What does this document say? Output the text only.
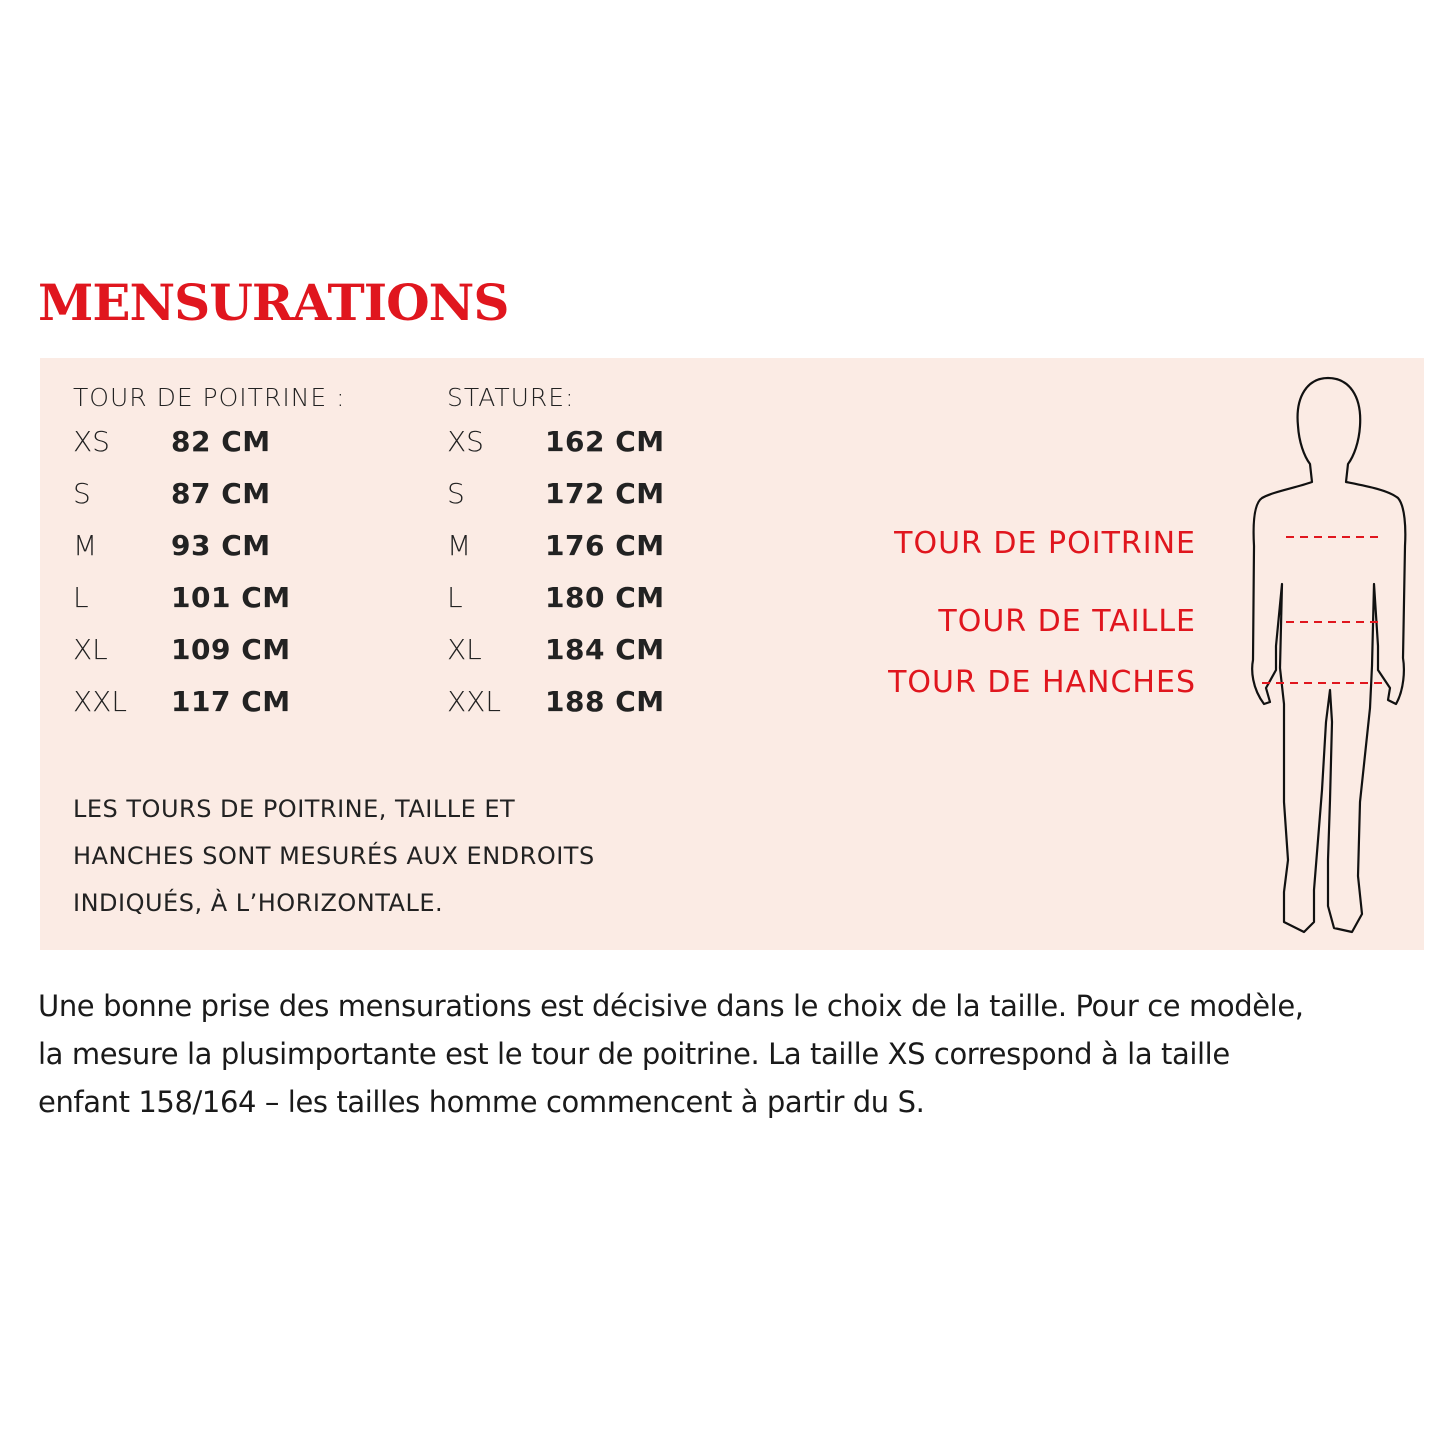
MENSURATIONS
TOUR DE POITRINE :
XS 82 CM
S	87 CM
M	93 CM
L	101 CM
XL 109 CM
XXL 117 CM
STATURE:
XS 162 CM
S	172 CM
M	176 CM
L	180 CM
XL 184 CM
XXL 188 CM
LES TOURS DE POITRINE, TAILLE ET
HANCHES SONT MESURÉS AUX ENDROITS
INDIQUÉS, À L’HORIZONTALE.
TOUR DE POITRINE
TOUR DE TAILLE
TOUR DE HANCHES
Une bonne prise des mensurations est décisive dans le choix de la taille. Pour ce modèle,
la mesure la plusimportante est le tour de poitrine. La taille XS correspond à la taille
enfant 158/164 – les tailles homme commencent à partir du S.
